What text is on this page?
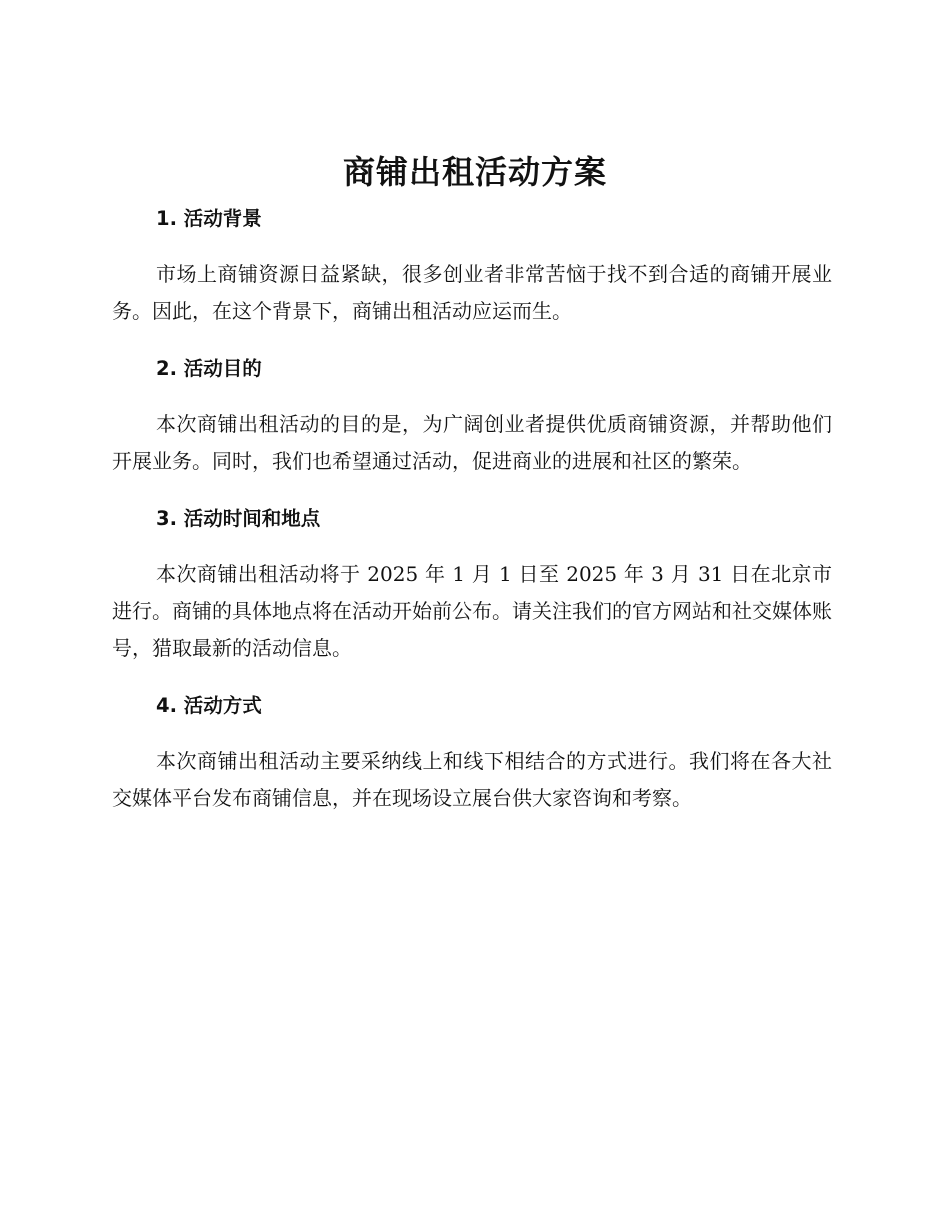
商铺出租活动方案
1. 活动背景

市场上商铺资源日益紧缺，很多创业者非常苦恼于找不到合适的商铺开展业务。因此，在这个背景下，商铺出租活动应运而生。

2. 活动目的

本次商铺出租活动的目的是，为广阔创业者提供优质商铺资源，并帮助他们开展业务。同时，我们也希望通过活动，促进商业的进展和社区的繁荣。

3. 活动时间和地点

本次商铺出租活动将于 2025 年 1 月 1 日至 2025 年 3 月 31 日在北京市进行。商铺的具体地点将在活动开始前公布。请关注我们的官方网站和社交媒体账号，猎取最新的活动信息。

4. 活动方式

本次商铺出租活动主要采纳线上和线下相结合的方式进行。我们将在各大社交媒体平台发布商铺信息，并在现场设立展台供大家咨询和考察。
